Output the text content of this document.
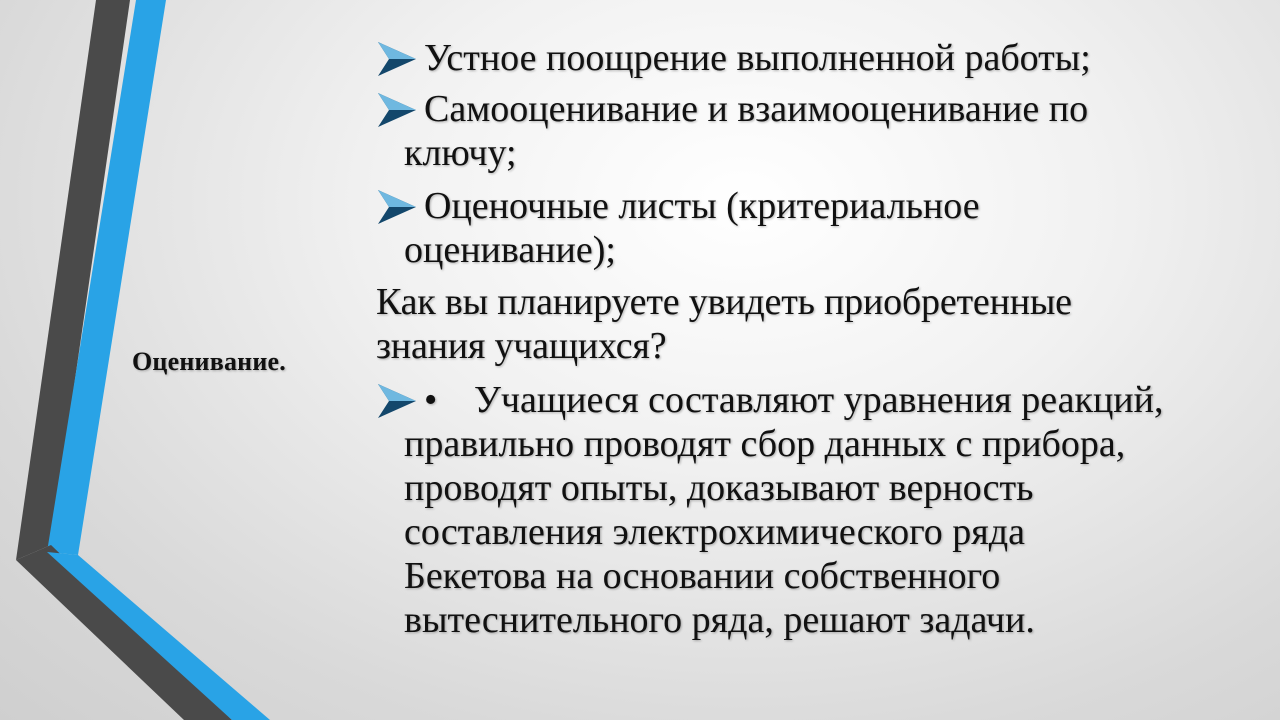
Оценивание.
Устное поощрение выполненной работы;
Самооценивание и взаимооценивание по
ключу;
Оценочные листы (критериальное
оценивание);
Как вы планируете увидеть приобретенные
знания учащихся?
• Учащиеся составляют уравнения реакций,
правильно проводят сбор данных с прибора,
проводят опыты, доказывают верность
составления электрохимического ряда
Бекетова на основании собственного
вытеснительного ряда, решают задачи.
